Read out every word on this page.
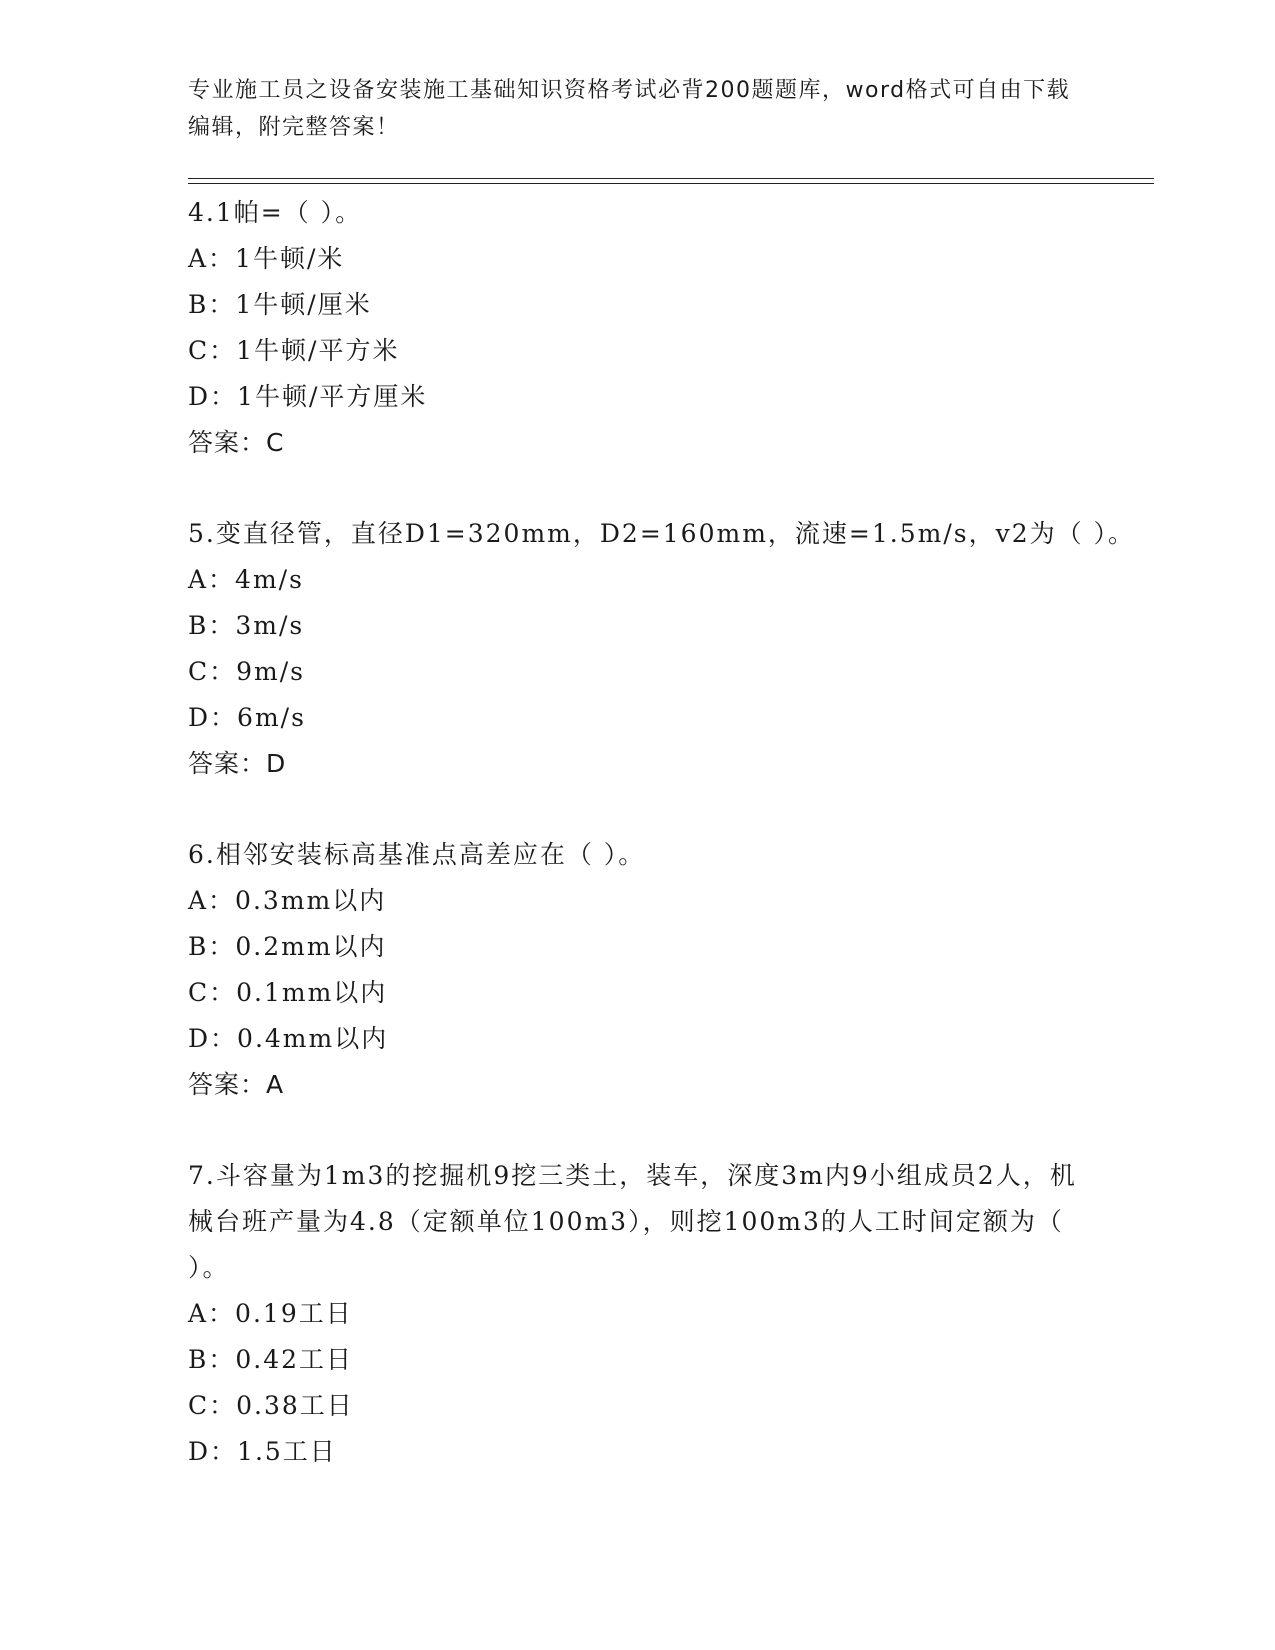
专业施工员之设备安装施工基础知识资格考试必背200题题库，word格式可自由下载编辑，附完整答案！
4.1帕=（ ）。
A：1牛顿/米
B：1牛顿/厘米
C：1牛顿/平方米
D：1牛顿/平方厘米
答案：C
5.变直径管，直径D1=320mm，D2=160mm，流速=1.5m/s，v2为（ ）。
A：4m/s
B：3m/s
C：9m/s
D：6m/s
答案：D
6.相邻安装标高基准点高差应在（ ）。
A：0.3mm以内
B：0.2mm以内
C：0.1mm以内
D：0.4mm以内
答案：A
7.斗容量为1m3的挖掘机9挖三类土，装车，深度3m内9小组成员2人，机械台班产量为4.8（定额单位100m3），则挖100m3的人工时间定额为（ ）。
A：0.19工日
B：0.42工日
C：0.38工日
D：1.5工日
